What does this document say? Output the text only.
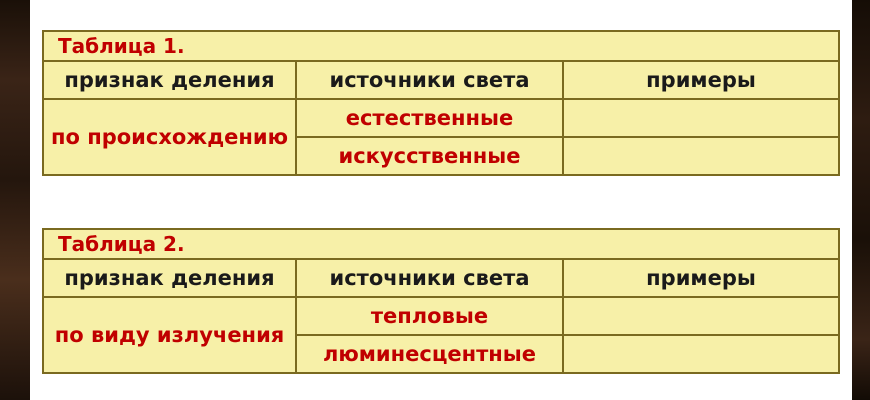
Таблица 1.		
признак деления	источники света	примеры
по происхождению	естественные	
	искусственные	
Таблица 2.		
признак деления	источники света	примеры
по виду излучения	тепловые	
	люминесцентные	
